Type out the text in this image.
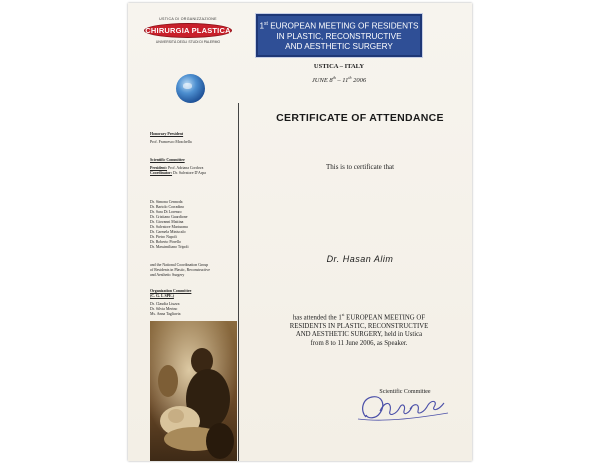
USTICA DI ORGANIZZAZIONE
CHIRURGIA PLASTICA
UNIVERSITÀ DEGLI STUDI DI PALERMO
1st EUROPEAN MEETING OF RESIDENTS
IN PLASTIC, RECONSTRUCTIVE
AND AESTHETIC SURGERY
USTICA – ITALY
JUNE 8th – 11th 2006
Honorary President
Prof. Francesco Moschella
Scientific Committee
President: Prof. Adriana Cordova
Coordinator: Dr. Salvatore D'Arpa
Dr. Simona Cennoda
Dr. Bartolo Corradino
Dr. Sara Di Lorenzo
Dr. Cristiano Guardione
Dr. Giovanni Mattina
Dr. Salvatore Marturana
Dr. Carmela Miniscalo
Dr. Pietro Napoli
Dr. Roberto Pirrello
Dr. Massimiliano Tripoli
and the National Coordination Group
of Residents in Plastic, Reconstructive
and Aesthetic Surgery
Organization Committee
(C. G. I. SPE.)
Dr. Claudia Liuzza
Dr. Silvia Merino
Ms. Anna Tagliavia
CERTIFICATE OF ATTENDANCE
This is to certificate that
Dr. Hasan Alim
has attended the 1st EUROPEAN MEETING OF
RESIDENTS IN PLASTIC, RECONSTRUCTIVE
AND AESTHETIC SURGERY, held in Ustica
from 8 to 11 June 2006, as Speaker.
Scientific Committee
